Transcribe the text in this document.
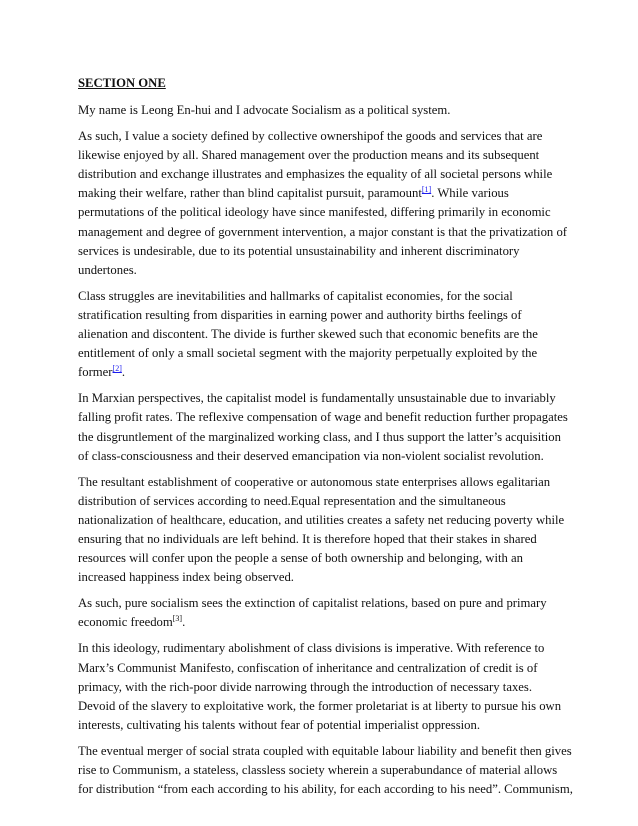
SECTION ONE
My name is Leong En-hui and I advocate Socialism as a political system.
As such, I value a society defined by collective ownershipof the goods and services that are
likewise enjoyed by all. Shared management over the production means and its subsequent
distribution and exchange illustrates and emphasizes the equality of all societal persons while
making their welfare, rather than blind capitalist pursuit, paramount[1]. While various
permutations of the political ideology have since manifested, differing primarily in economic
management and degree of government intervention, a major constant is that the privatization of
services is undesirable, due to its potential unsustainability and inherent discriminatory
undertones.
Class struggles are inevitabilities and hallmarks of capitalist economies, for the social
stratification resulting from disparities in earning power and authority births feelings of
alienation and discontent. The divide is further skewed such that economic benefits are the
entitlement of only a small societal segment with the majority perpetually exploited by the
former[2].
In Marxian perspectives, the capitalist model is fundamentally unsustainable due to invariably
falling profit rates. The reflexive compensation of wage and benefit reduction further propagates
the disgruntlement of the marginalized working class, and I thus support the latter’s acquisition
of class-consciousness and their deserved emancipation via non-violent socialist revolution.
The resultant establishment of cooperative or autonomous state enterprises allows egalitarian
distribution of services according to need.Equal representation and the simultaneous
nationalization of healthcare, education, and utilities creates a safety net reducing poverty while
ensuring that no individuals are left behind. It is therefore hoped that their stakes in shared
resources will confer upon the people a sense of both ownership and belonging, with an
increased happiness index being observed.
As such, pure socialism sees the extinction of capitalist relations, based on pure and primary
economic freedom[3].
In this ideology, rudimentary abolishment of class divisions is imperative. With reference to
Marx’s Communist Manifesto, confiscation of inheritance and centralization of credit is of
primacy, with the rich-poor divide narrowing through the introduction of necessary taxes.
Devoid of the slavery to exploitative work, the former proletariat is at liberty to pursue his own
interests, cultivating his talents without fear of potential imperialist oppression.
The eventual merger of social strata coupled with equitable labour liability and benefit then gives
rise to Communism, a stateless, classless society wherein a superabundance of material allows
for distribution “from each according to his ability, for each according to his need”. Communism,
